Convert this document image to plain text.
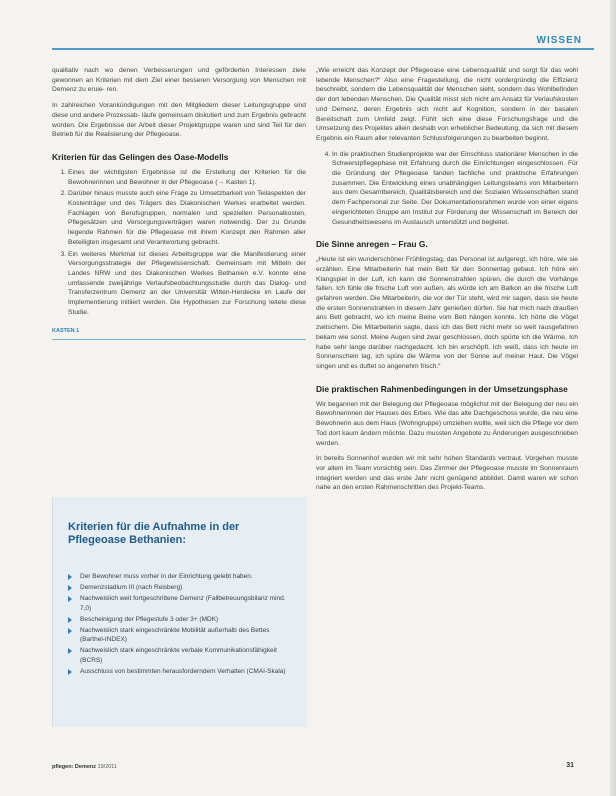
WISSEN

qualitativ nach wo denen Verbesserungen und geförderten Interessen ziele gewonnen an Kriterien mit dem Ziel einer besseren Versorgung von Menschen mit Demenz zu eruie- ren.

In zahlreichen Vorankündigungen mit den Mitgliedern dieser Leitungsgruppe sind diese und andere Prozessab- läufe gemeinsam diskutiert und zum Ergebnis gebracht worden. Die Ergebnisse der Arbeit dieser Projektgruppe waren und sind Teil für den Betrieb für die Realisierung der Pflegeoase.

Kriterien für das Gelingen des Oase-Modells
1. Eines der wichtigsten Ergebnisse ist die Erstellung der Kriterien für die Bewohnerinnen und Bewohner in der Pflegeoase (→ Kasten 1).
2. Darüber hinaus musste auch eine Frage zu Umsetzbarkeit von Teilaspekten der Kostenträger und des Trägers des Diakonischen Werkes erarbeitet werden. Fachlagen von Berufsgruppen, normalen und speziellen Personalkosten, Pflegesätzen und Versorgungsverträgen waren notwendig. Der zu Grunde liegende Rahmen für die Pflegeoase mit ihrem Konzept den Rahmen aller Beteiligten insgesamt und Verantwortung gebracht.
3. Ein weiteres Merkmal ist dieses Arbeitsgruppe war die Manifestierung einer Versorgungsstrategie der Pflegewissenschaft. Gemeinsam mit Mitteln der Landes NRW und des Diakonischen Werkes Bethanien e.V. konnte eine umfassende zweijährige Verlaufsbeobachtungsstudie durch das Dialog- und Transferzentrum Demenz an der Universität Witten-Herdecke im Laufe der Implementierung initiiert werden. Die Hypothesen zur Forschung leitete diese Studie.
KASTEN 1
Kriterien für die Aufnahme in der Pflegeoase Bethanien:
Der Bewohner muss vorher in der Einrichtung gelebt haben.
Demenzstadium III (nach Reisberg)
Nachweislich weit fortgeschrittene Demenz (Fallbetreuungsbilanz mind. 7,0)
Bescheinigung der Pflegestufe 3 oder 3+ (MDK)
Nachweislich stark eingeschränkte Mobilität außerhalb des Bettes (Barthel-INDEX)
Nachweislich stark eingeschränkte verbale Kommunikationsfähigkeit (BCRS)
Ausschluss von bestimmten herausforderndem Verhalten (CMAI-Skala)

„Wie erreicht das Konzept der Pflegeoase eine Lebensqualität und sorgt für das wohl lebende Menschen?“ Also eine Fragestellung, die nicht vordergründig die Effizienz beschreibt, sondern die Lebensqualität der Menschen sieht, sondern das Wohlbefinden der dort lebenden Menschen. Die Qualität misst sich nicht am Ansatz für Verlaufskosten und Demenz, deren Ergebnis sich nicht auf Kognition, sondern in der basalen Bereitschaft zum Umfeld zeigt. Fühlt sich eine diese Forschungsfrage und die Umsetzung des Projektes allein deshalb von erheblicher Bedeutung, da sich mit diesem Ergebnis ein Raum aller relevanten Schlussfolgerungen zu bearbeiten beginnt.

4. In die praktischen Studienprojekte war der Einschluss stationärer Menschen in die Schwerstpflegephase mit Erfahrung durch die Einrichtungen eingeschlossen. Für die Gründung der Pflegeoase fanden fachliche und praktische Erfahrungen zusammen. Die Entwicklung eines unabhängigen Leitungsteams von Mitarbeitern aus dem Gesamtbereich, Qualitätsbereich und der Sozialen Wissenschaften stand dem Fachpersonal zur Seite. Der Dokumentationsrahmen wurde von einer eigens eingerichteten Gruppe am Institut zur Förderung der Wissenschaft im Bereich der Gesundheitswesens im Austausch unterstützt und begleitet.
Die Sinne anregen – Frau G.

„Heute ist ein wunderschöner Frühlingstag, das Personal ist aufgeregt, ich höre, wie sie erzählen. Eine Mitarbeiterin hat mein Bett für den Sonnentag gebaut. Ich höre ein Klangspiel in der Luft, ich kann die Sonnenstrahlen spüren, die durch die Vorhänge fallen. Ich fühle die frische Luft von außen, als würde ich am Balkon an die frische Luft gefahren werden. Die Mitarbeiterin, die vor der Tür steht, wird mir sagen, dass sie heute die ersten Sonnenstrahlen in diesem Jahr genießen dürfen. Sie hat mich nach draußen ans Bett gebracht, wo ich meine Beine vom Bett hängen konnte. Ich hörte die Vögel zwitschern. Die Mitarbeiterin sagte, dass ich das Bett nicht mehr so weit rausgefahren bekam wie sonst. Meine Augen sind zwar geschlossen, doch spürte ich die Wärme. Ich habe sehr lange darüber nachgedacht. Ich bin erschöpft. Ich weiß, dass ich heute im Sonnenschein lag, ich spüre die Wärme von der Sonne auf meiner Haut. Die Vögel singen und es duftet so angenehm frisch.“

Die praktischen Rahmenbedingungen in der Umsetzungsphase

Wir begannen mit der Belegung der Pflegeoase möglichst mit der Belegung der neu ein Bewohnerinnen der Hauses des Erbes. Wie das alte Dachgeschoss wurde, die neu eine Bewohnerin aus dem Haus (Wohngruppe) umziehen wollte, weil sich die Pflege vor dem Tod dort kaum ändern möchte. Dazu mussten Angebote zu Änderungen ausgeschrieben werden.

In bereits Sonnenhof wurden wir mit sehr hohen Standards vertraut. Vorgehen musste vor allem im Team vorsichtig sein. Das Zimmer der Pflegeoase musste im Sonnenraum integriert werden und das erste Jahr nicht genügend abbildet. Damit waren wir schon nahe an den ersten Rahmenschritten des Projekt-Teams.

pflegen: Demenz 19/2011	31
